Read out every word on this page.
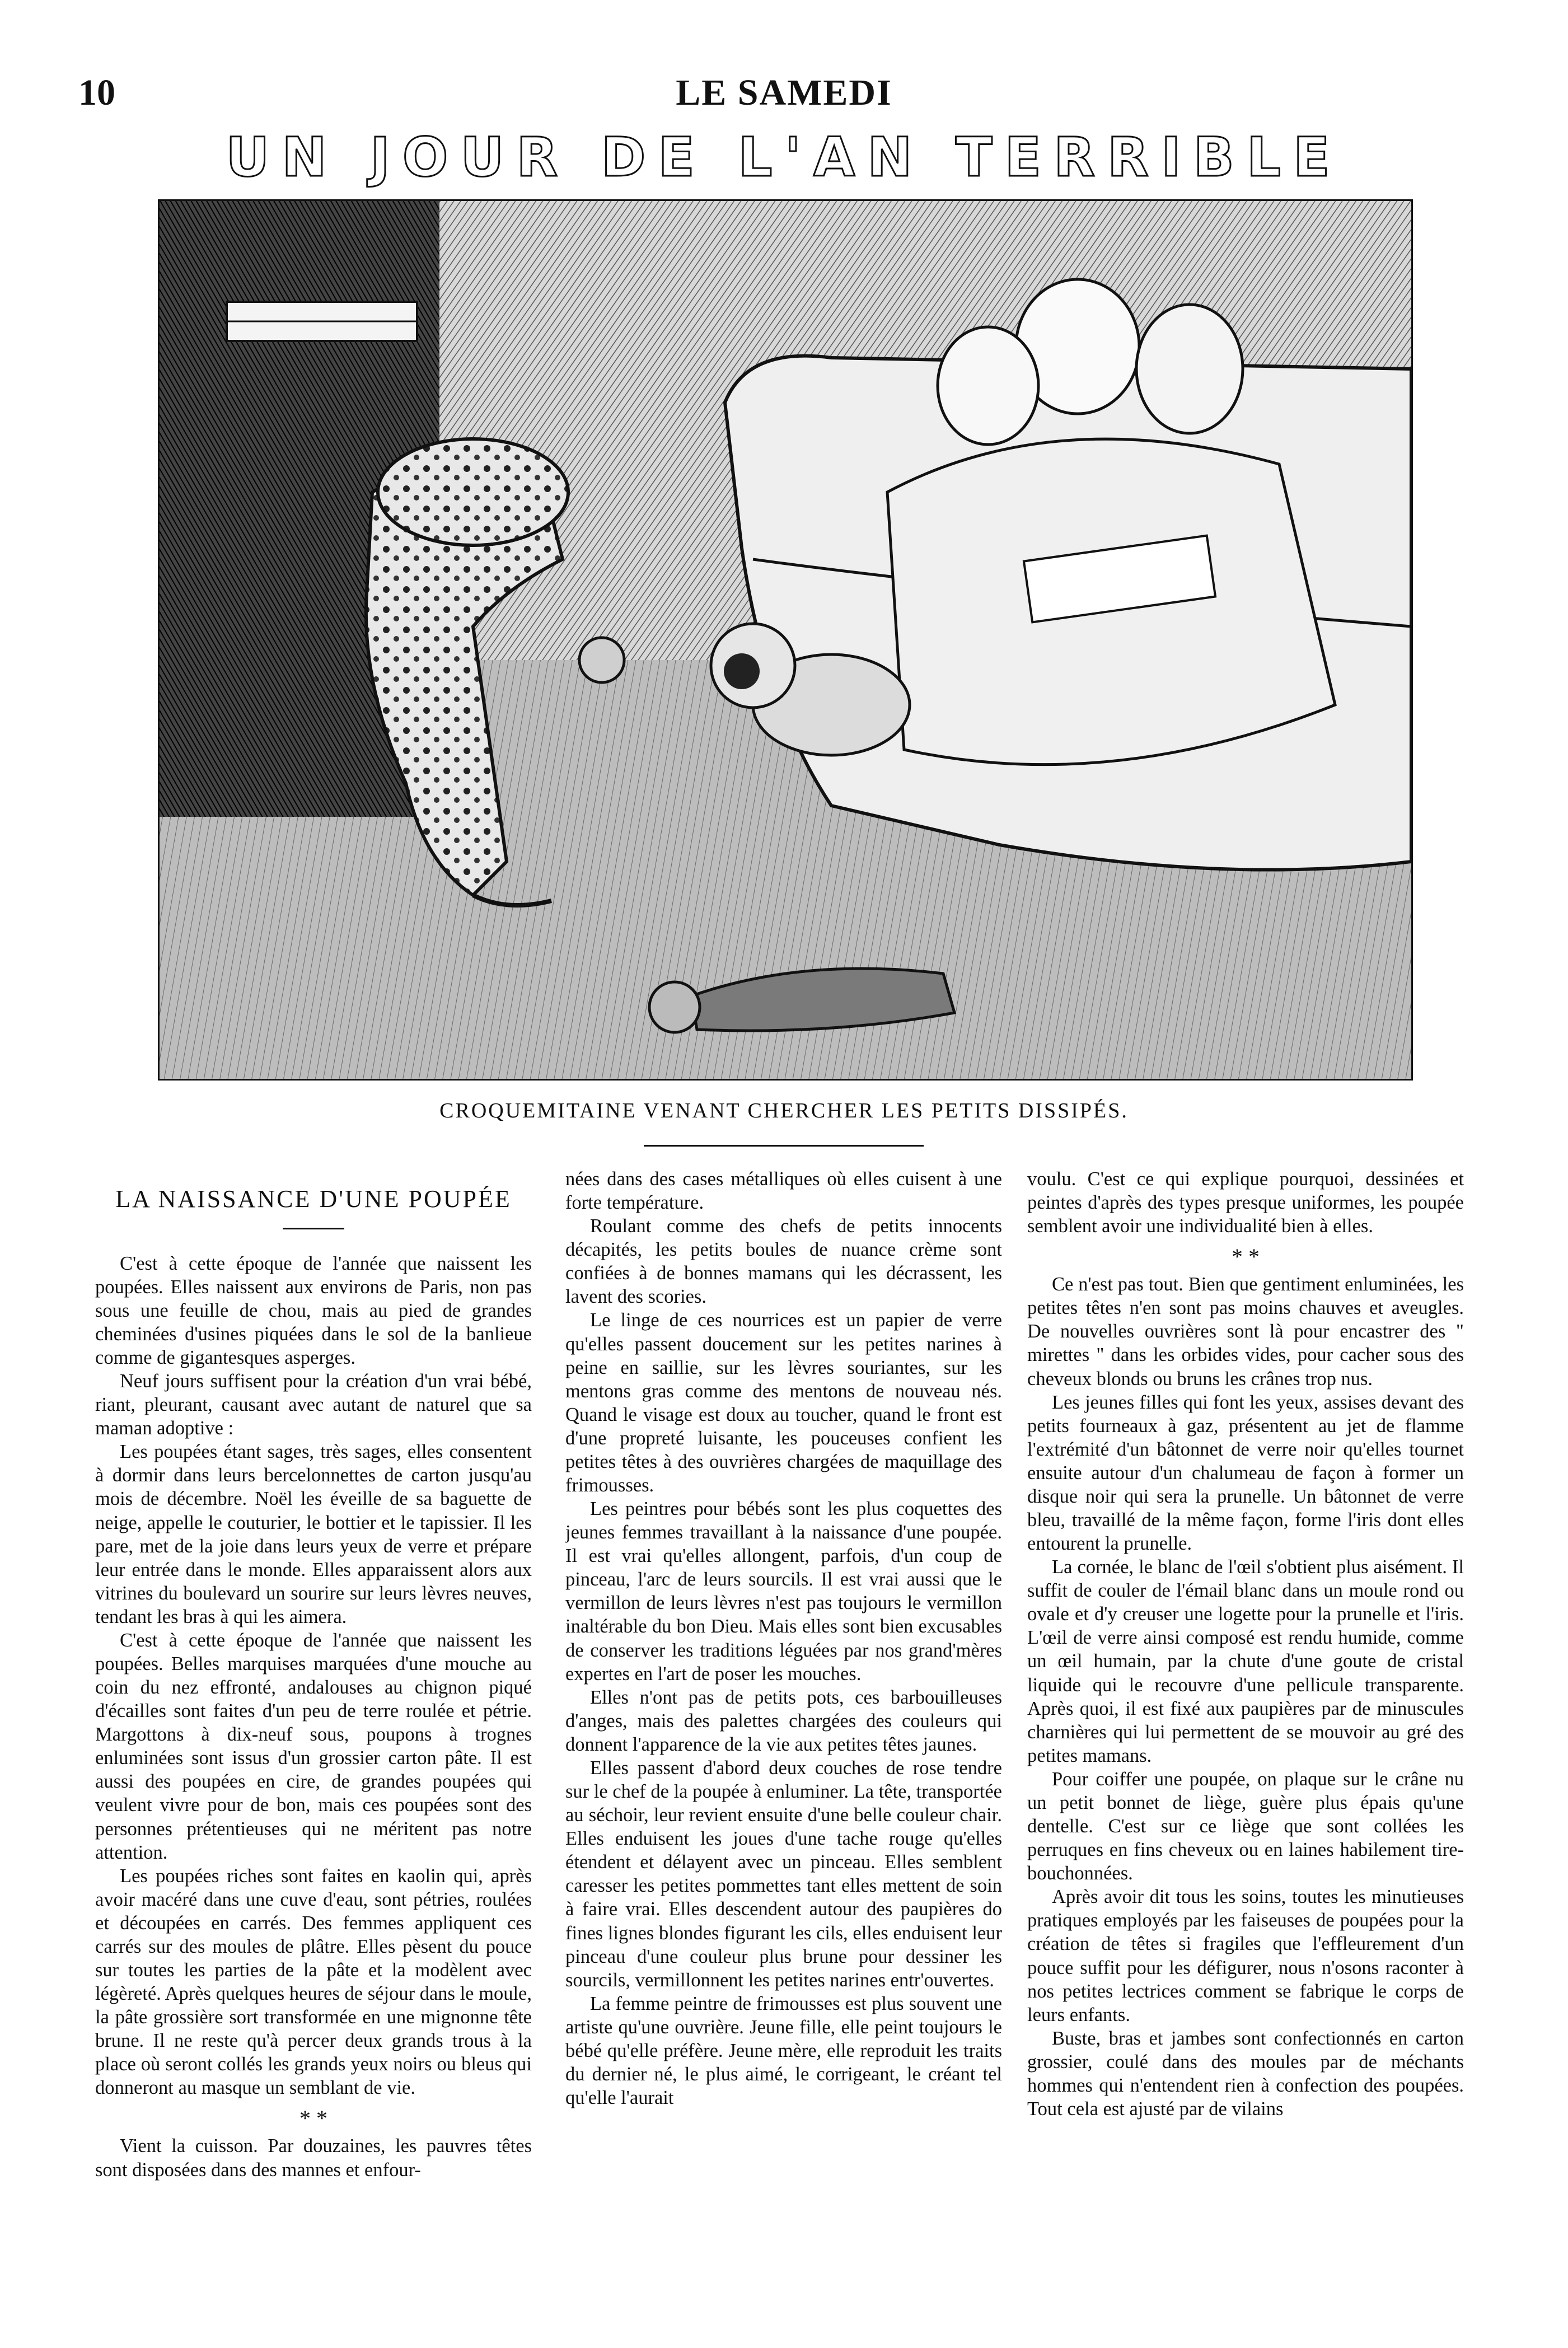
10	LE SAMEDI
UN JOUR DE L'AN TERRIBLE
CROQUEMITAINE VENANT CHERCHER LES PETITS DISSIPÉS.
LA NAISSANCE D'UNE POUPÉE

C'est à cette époque de l'année que naissent les poupées. Elles naissent aux environs de Paris, non pas sous une feuille de chou, mais au pied de grandes cheminées d'usines piquées dans le sol de la banlieue comme de gigantesques asperges.

Neuf jours suffisent pour la création d'un vrai bébé, riant, pleurant, causant avec autant de naturel que sa maman adoptive :

Les poupées étant sages, très sages, elles consentent à dormir dans leurs bercelonnettes de carton jusqu'au mois de décembre. Noël les éveille de sa baguette de neige, appelle le couturier, le bottier et le tapissier. Il les pare, met de la joie dans leurs yeux de verre et prépare leur entrée dans le monde. Elles apparaissent alors aux vitrines du boulevard un sourire sur leurs lèvres neuves, tendant les bras à qui les aimera.

C'est à cette époque de l'année que naissent les poupées. Belles marquises marquées d'une mouche au coin du nez effronté, andalouses au chignon piqué d'écailles sont faites d'un peu de terre roulée et pétrie. Margottons à dix-neuf sous, poupons à trognes enluminées sont issus d'un grossier carton pâte. Il est aussi des poupées en cire, de grandes poupées qui veulent vivre pour de bon, mais ces poupées sont des personnes prétentieuses qui ne méritent pas notre attention.

Les poupées riches sont faites en kaolin qui, après avoir macéré dans une cuve d'eau, sont pétries, roulées et découpées en carrés. Des femmes appliquent ces carrés sur des moules de plâtre. Elles pèsent du pouce sur toutes les parties de la pâte et la modèlent avec légèreté. Après quelques heures de séjour dans le moule, la pâte grossière sort transformée en une mignonne tête brune. Il ne reste qu'à percer deux grands trous à la place où seront collés les grands yeux noirs ou bleus qui donneront au masque un semblant de vie.

* *

Vient la cuisson. Par douzaines, les pauvres têtes sont disposées dans des mannes et enfour-

nées dans des cases métalliques où elles cuisent à une forte température.

Roulant comme des chefs de petits innocents décapités, les petits boules de nuance crème sont confiées à de bonnes mamans qui les décrassent, les lavent des scories.

Le linge de ces nourrices est un papier de verre qu'elles passent doucement sur les petites narines à peine en saillie, sur les lèvres souriantes, sur les mentons gras comme des mentons de nouveau nés. Quand le visage est doux au toucher, quand le front est d'une propreté luisante, les pouceuses confient les petites têtes à des ouvrières chargées de maquillage des frimousses.

Les peintres pour bébés sont les plus coquettes des jeunes femmes travaillant à la naissance d'une poupée. Il est vrai qu'elles allongent, parfois, d'un coup de pinceau, l'arc de leurs sourcils. Il est vrai aussi que le vermillon de leurs lèvres n'est pas toujours le vermillon inaltérable du bon Dieu. Mais elles sont bien excusables de conserver les traditions léguées par nos grand'mères expertes en l'art de poser les mouches.

Elles n'ont pas de petits pots, ces barbouilleuses d'anges, mais des palettes chargées des couleurs qui donnent l'apparence de la vie aux petites têtes jaunes.

Elles passent d'abord deux couches de rose tendre sur le chef de la poupée à enluminer. La tête, transportée au séchoir, leur revient ensuite d'une belle couleur chair. Elles enduisent les joues d'une tache rouge qu'elles étendent et délayent avec un pinceau. Elles semblent caresser les petites pommettes tant elles mettent de soin à faire vrai. Elles descendent autour des paupières do fines lignes blondes figurant les cils, elles enduisent leur pinceau d'une couleur plus brune pour dessiner les sourcils, vermillonnent les petites narines entr'ouvertes.

La femme peintre de frimousses est plus souvent une artiste qu'une ouvrière. Jeune fille, elle peint toujours le bébé qu'elle préfère. Jeune mère, elle reproduit les traits du dernier né, le plus aimé, le corrigeant, le créant tel qu'elle l'aurait

voulu. C'est ce qui explique pourquoi, dessinées et peintes d'après des types presque uniformes, les poupée semblent avoir une individualité bien à elles.

* *

Ce n'est pas tout. Bien que gentiment enluminées, les petites têtes n'en sont pas moins chauves et aveugles. De nouvelles ouvrières sont là pour encastrer des " mirettes " dans les orbides vides, pour cacher sous des cheveux blonds ou bruns les crânes trop nus.

Les jeunes filles qui font les yeux, assises devant des petits fourneaux à gaz, présentent au jet de flamme l'extrémité d'un bâtonnet de verre noir qu'elles tournet ensuite autour d'un chalumeau de façon à former un disque noir qui sera la prunelle. Un bâtonnet de verre bleu, travaillé de la même façon, forme l'iris dont elles entourent la prunelle.

La cornée, le blanc de l'œil s'obtient plus aisément. Il suffit de couler de l'émail blanc dans un moule rond ou ovale et d'y creuser une logette pour la prunelle et l'iris. L'œil de verre ainsi composé est rendu humide, comme un œil humain, par la chute d'une goute de cristal liquide qui le recouvre d'une pellicule transparente. Après quoi, il est fixé aux paupières par de minuscules charnières qui lui permettent de se mouvoir au gré des petites mamans.

Pour coiffer une poupée, on plaque sur le crâne nu un petit bonnet de liège, guère plus épais qu'une dentelle. C'est sur ce liège que sont collées les perruques en fins cheveux ou en laines habilement tire-bouchonnées.

Après avoir dit tous les soins, toutes les minutieuses pratiques employés par les faiseuses de poupées pour la création de têtes si fragiles que l'effleurement d'un pouce suffit pour les défigurer, nous n'osons raconter à nos petites lectrices comment se fabrique le corps de leurs enfants.

Buste, bras et jambes sont confectionnés en carton grossier, coulé dans des moules par de méchants hommes qui n'entendent rien à confection des poupées. Tout cela est ajusté par de vilains
